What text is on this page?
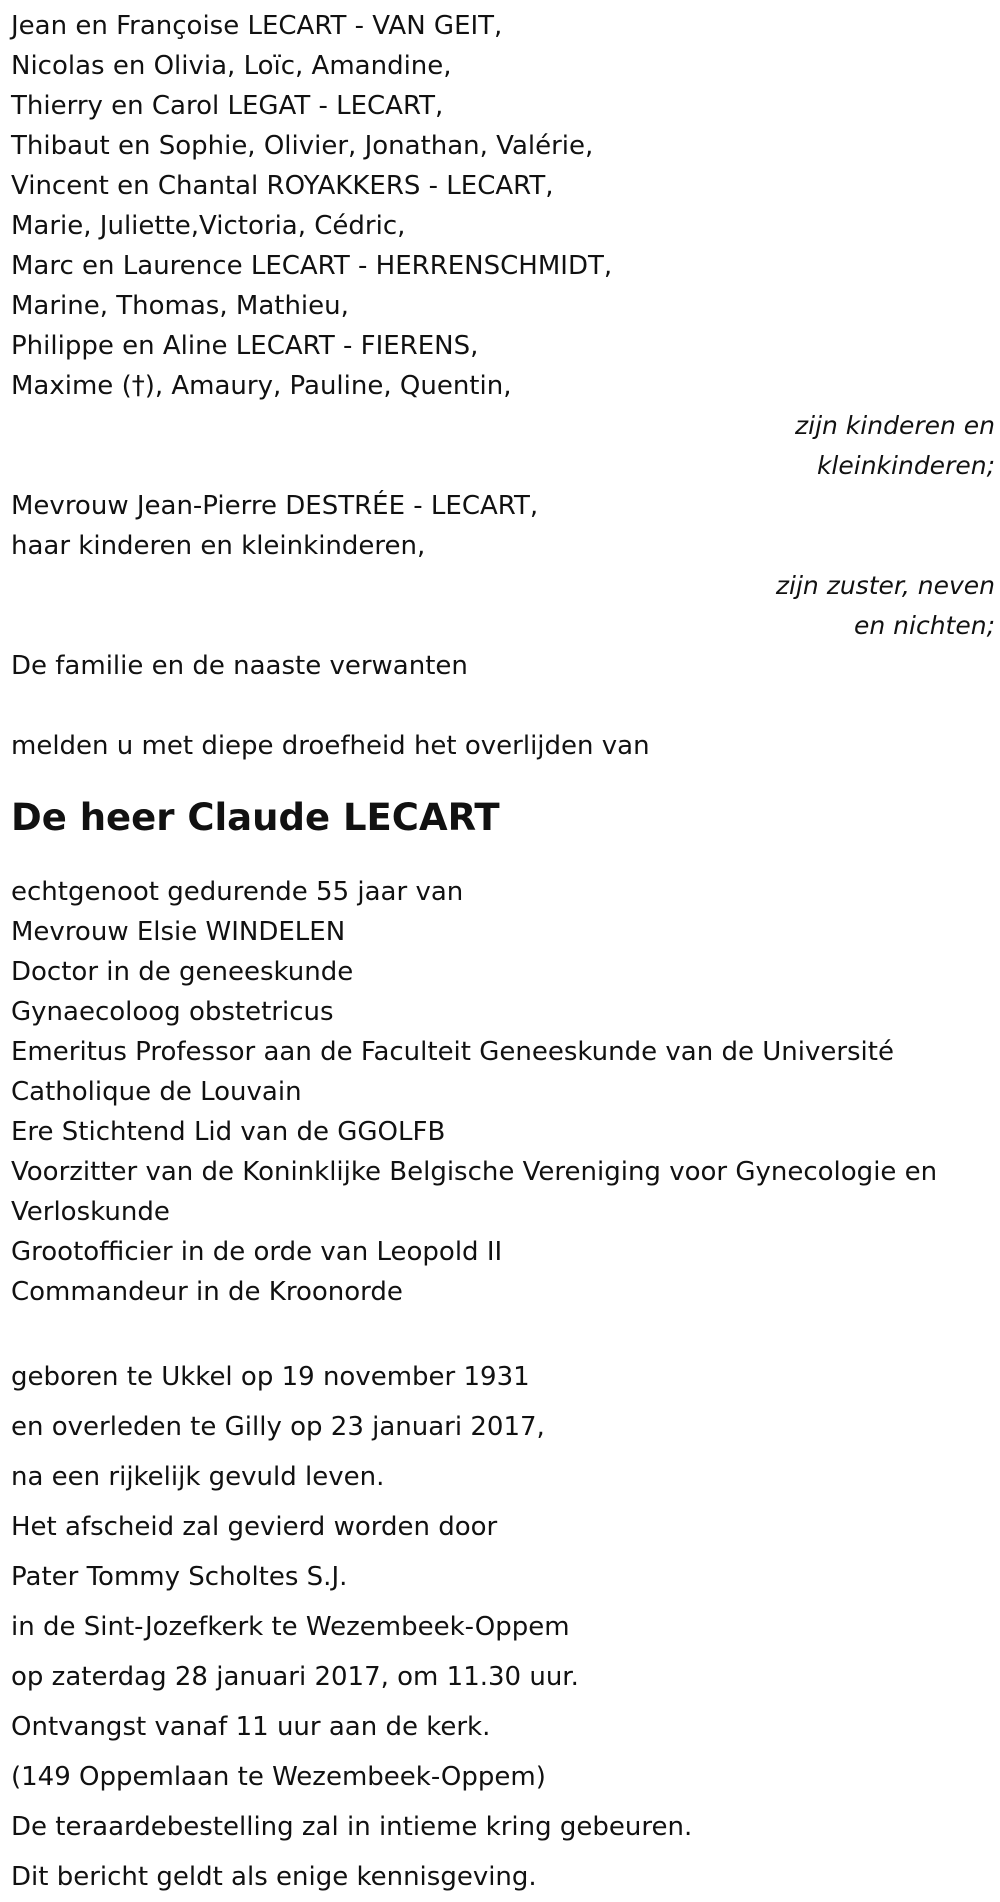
Jean en Françoise LECART - VAN GEIT,
Nicolas en Olivia, Loïc, Amandine,
Thierry en Carol LEGAT - LECART,
Thibaut en Sophie, Olivier, Jonathan, Valérie,
Vincent en Chantal ROYAKKERS - LECART,
Marie, Juliette,Victoria, Cédric,
Marc en Laurence LECART - HERRENSCHMIDT,
Marine, Thomas, Mathieu,
Philippe en Aline LECART - FIERENS,
Maxime (†), Amaury, Pauline, Quentin,
zijn kinderen en
kleinkinderen;
Mevrouw Jean-Pierre DESTRÉE - LECART,
haar kinderen en kleinkinderen,
zijn zuster, neven
en nichten;
De familie en de naaste verwanten
melden u met diepe droefheid het overlijden van
De heer Claude LECART
echtgenoot gedurende 55 jaar van
Mevrouw Elsie WINDELEN
Doctor in de geneeskunde
Gynaecoloog obstetricus
Emeritus Professor aan de Faculteit Geneeskunde van de Université
Catholique de Louvain
Ere Stichtend Lid van de GGOLFB
Voorzitter van de Koninklijke Belgische Vereniging voor Gynecologie en
Verloskunde
Grootofficier in de orde van Leopold II
Commandeur in de Kroonorde
geboren te Ukkel op 19 november 1931
en overleden te Gilly op 23 januari 2017,
na een rijkelijk gevuld leven.
Het afscheid zal gevierd worden door
Pater Tommy Scholtes S.J.
in de Sint-Jozefkerk te Wezembeek-Oppem
op zaterdag 28 januari 2017, om 11.30 uur.
Ontvangst vanaf 11 uur aan de kerk.
(149 Oppemlaan te Wezembeek-Oppem)
De teraardebestelling zal in intieme kring gebeuren.
Dit bericht geldt als enige kennisgeving.
